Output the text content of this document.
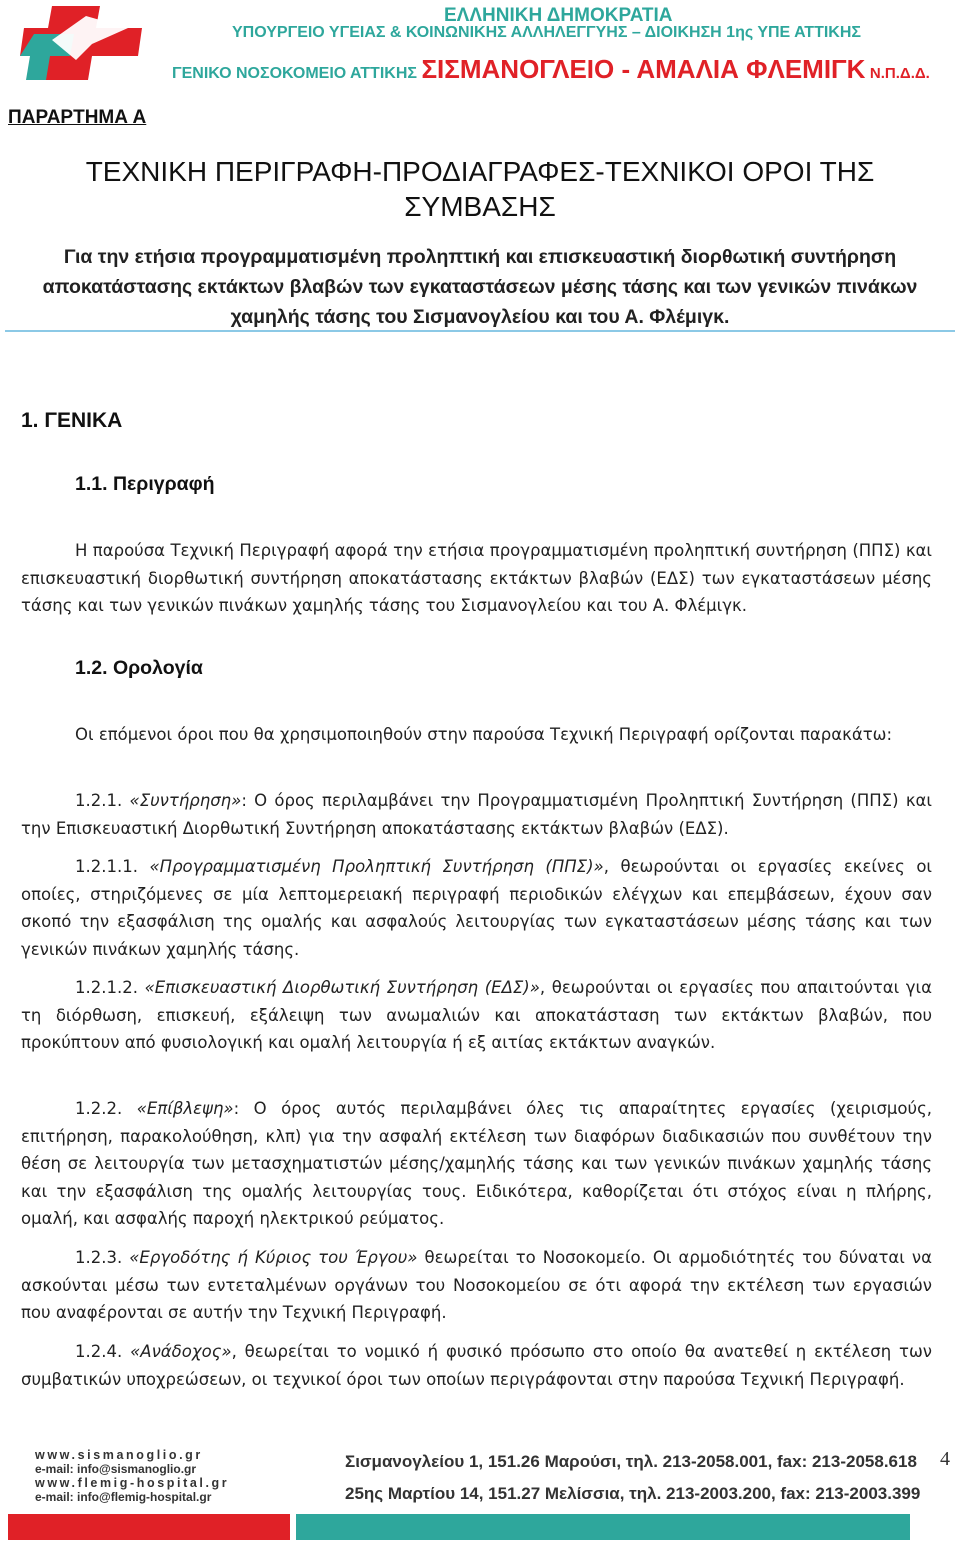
ΕΛΛΗΝΙΚΗ ΔΗΜΟΚΡΑΤΙΑ
ΥΠΟΥΡΓΕΙΟ ΥΓΕΙΑΣ & ΚΟΙΝΩΝΙΚΗΣ ΑΛΛΗΛΕΓΓΥΗΣ – ΔΙΟΙΚΗΣΗ 1ης ΥΠΕ ΑΤΤΙΚΗΣ
ΓΕΝΙΚΟ ΝΟΣΟΚΟΜΕΙΟ ΑΤΤΙΚΗΣ ΣΙΣΜΑΝΟΓΛΕΙΟ - ΑΜΑΛΙΑ ΦΛΕΜΙΓΚ Ν.Π.Δ.Δ.
ΠΑΡΑΡΤΗΜΑ Α
ΤΕΧΝΙΚΗ ΠΕΡΙΓΡΑΦΗ-ΠΡΟΔΙΑΓΡΑΦΕΣ-ΤΕΧΝΙΚΟΙ ΟΡΟΙ ΤΗΣ ΣΥΜΒΑΣΗΣ
Για την ετήσια προγραμματισμένη προληπτική και επισκευαστική διορθωτική συντήρηση αποκατάστασης εκτάκτων βλαβών των εγκαταστάσεων μέσης τάσης και των γενικών πινάκων χαμηλής τάσης του Σισμανογλείου και του Α. Φλέμιγκ.
1. ΓΕΝΙΚΑ
1.1. Περιγραφή
Η παρούσα Τεχνική Περιγραφή αφορά την ετήσια προγραμματισμένη προληπτική συντήρηση (ΠΠΣ) και επισκευαστική διορθωτική συντήρηση αποκατάστασης εκτάκτων βλαβών (ΕΔΣ) των εγκαταστάσεων μέσης τάσης και των γενικών πινάκων χαμηλής τάσης του Σισμανογλείου και του Α. Φλέμιγκ.
1.2. Ορολογία
Οι επόμενοι όροι που θα χρησιμοποιηθούν στην παρούσα Τεχνική Περιγραφή ορίζονται παρακάτω:
1.2.1. «Συντήρηση»: Ο όρος περιλαμβάνει την Προγραμματισμένη Προληπτική Συντήρηση (ΠΠΣ) και την Επισκευαστική Διορθωτική Συντήρηση αποκατάστασης εκτάκτων βλαβών (ΕΔΣ).
1.2.1.1. «Προγραμματισμένη Προληπτική Συντήρηση (ΠΠΣ)», θεωρούνται οι εργασίες εκείνες οι οποίες, στηριζόμενες σε μία λεπτομερειακή περιγραφή περιοδικών ελέγχων και επεμβάσεων, έχουν σαν σκοπό την εξασφάλιση της ομαλής και ασφαλούς λειτουργίας των εγκαταστάσεων μέσης τάσης και των γενικών πινάκων χαμηλής τάσης.
1.2.1.2. «Επισκευαστική Διορθωτική Συντήρηση (ΕΔΣ)», θεωρούνται οι εργασίες που απαιτούνται για τη διόρθωση, επισκευή, εξάλειψη των ανωμαλιών και αποκατάσταση των εκτάκτων βλαβών, που προκύπτουν από φυσιολογική και ομαλή λειτουργία ή εξ αιτίας εκτάκτων αναγκών.
1.2.2. «Επίβλεψη»: Ο όρος αυτός περιλαμβάνει όλες τις απαραίτητες εργασίες (χειρισμούς, επιτήρηση, παρακολούθηση, κλπ) για την ασφαλή εκτέλεση των διαφόρων διαδικασιών που συνθέτουν την θέση σε λειτουργία των μετασχηματιστών μέσης/χαμηλής τάσης και των γενικών πινάκων χαμηλής τάσης και την εξασφάλιση της ομαλής λειτουργίας τους. Ειδικότερα, καθορίζεται ότι στόχος είναι η πλήρης, ομαλή, και ασφαλής παροχή ηλεκτρικού ρεύματος.
1.2.3. «Εργοδότης ή Κύριος του Έργου» θεωρείται το Νοσοκομείο. Οι αρμοδιότητές του δύναται να ασκούνται μέσω των εντεταλμένων οργάνων του Νοσοκομείου σε ότι αφορά την εκτέλεση των εργασιών που αναφέρονται σε αυτήν την Τεχνική Περιγραφή.
1.2.4. «Ανάδοχος», θεωρείται το νομικό ή φυσικό πρόσωπο στο οποίο θα ανατεθεί η εκτέλεση των συμβατικών υποχρεώσεων, οι τεχνικοί όροι των οποίων περιγράφονται στην παρούσα Τεχνική Περιγραφή.
www.sismanoglio.gr
e-mail: info@sismanoglio.gr
www.flemig-hospital.gr
e-mail: info@flemig-hospital.gr
Σισμανογλείου 1, 151.26 Μαρούσι, τηλ. 213-2058.001, fax: 213-2058.618
25ης Μαρτίου 14, 151.27 Μελίσσια, τηλ. 213-2003.200, fax: 213-2003.399
4
